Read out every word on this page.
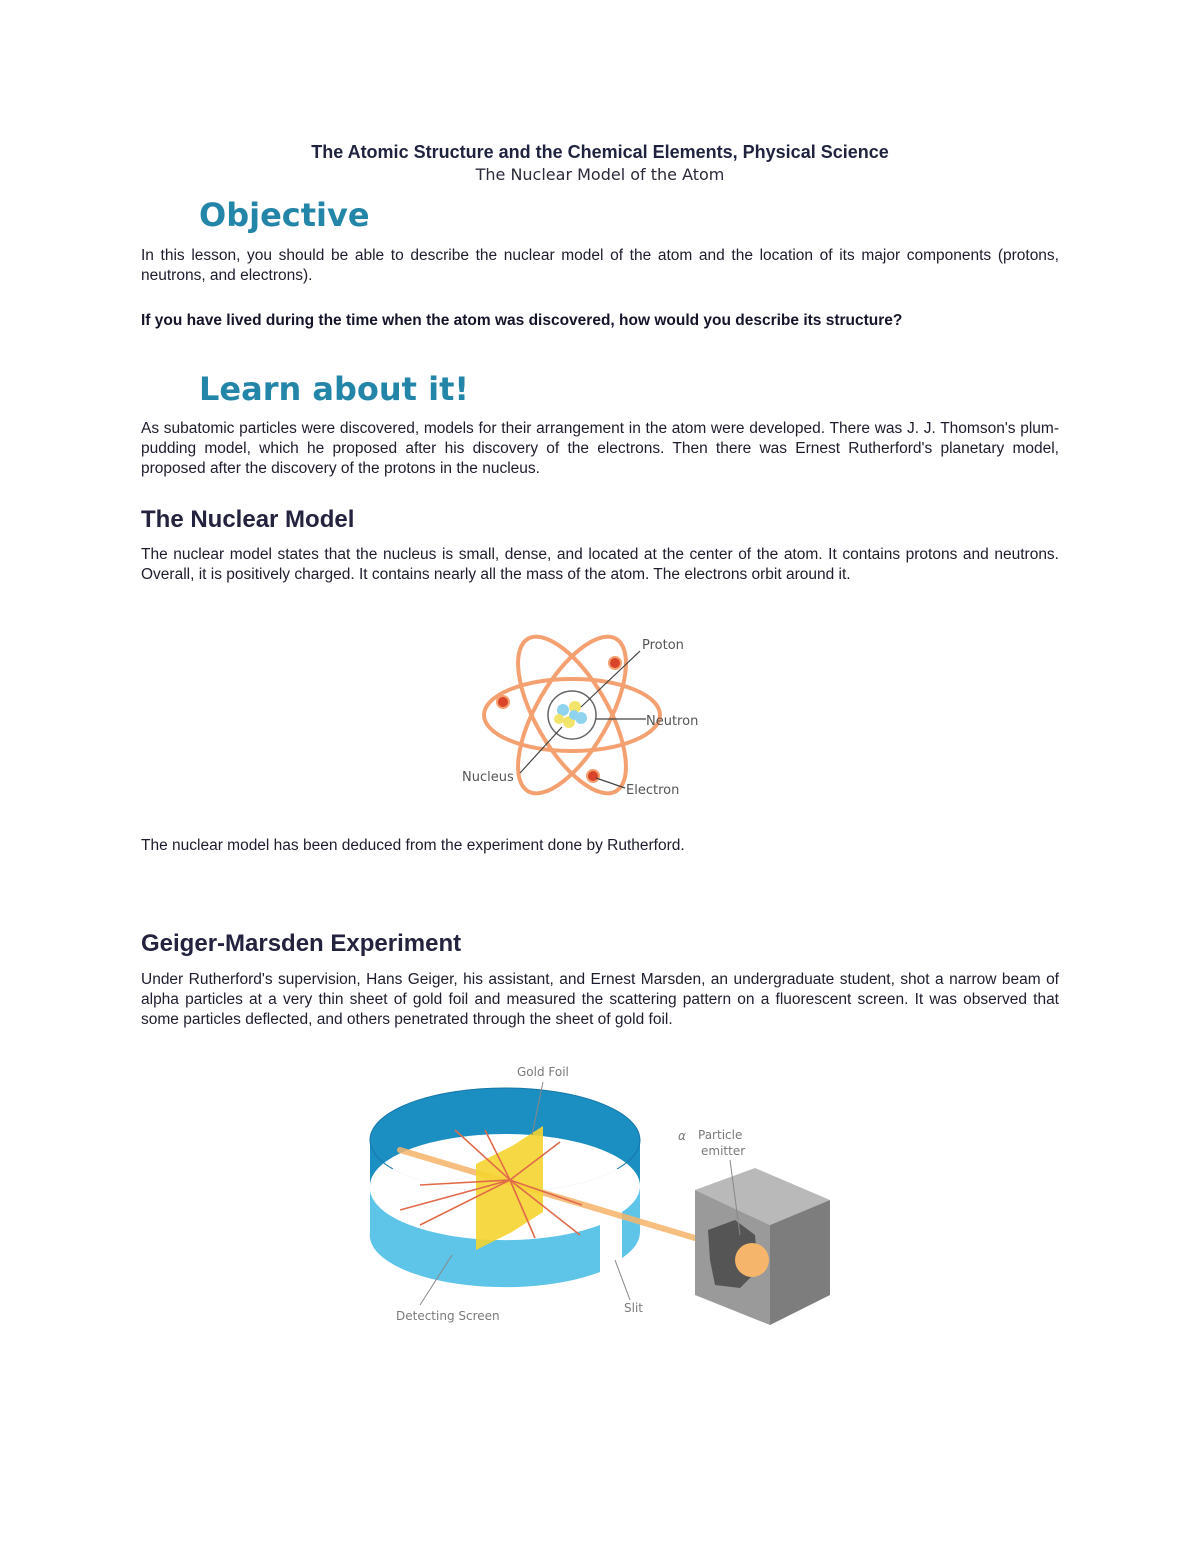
The Atomic Structure and the Chemical Elements, Physical Science
The Nuclear Model of the Atom
Objective
In this lesson, you should be able to describe the nuclear model of the atom and the location of its major components (protons, neutrons, and electrons).
If you have lived during the time when the atom was discovered, how would you describe its structure?
Learn about it!
As subatomic particles were discovered, models for their arrangement in the atom were developed. There was J. J. Thomson's plum-pudding model, which he proposed after his discovery of the electrons. Then there was Ernest Rutherford's planetary model, proposed after the discovery of the protons in the nucleus.
The Nuclear Model
The nuclear model states that the nucleus is small, dense, and located at the center of the atom. It contains protons and neutrons. Overall, it is positively charged. It contains nearly all the mass of the atom. The electrons orbit around it.
The nuclear model has been deduced from the experiment done by Rutherford.
Geiger-Marsden Experiment
Under Rutherford's supervision, Hans Geiger, his assistant, and Ernest Marsden, an undergraduate student, shot a narrow beam of alpha particles at a very thin sheet of gold foil and measured the scattering pattern on a fluorescent screen. It was observed that some particles deflected, and others penetrated through the sheet of gold foil.
Proton
Neutron
Nucleus
Electron
Gold Foil
α Particle
emitter
Detecting Screen
Slit
